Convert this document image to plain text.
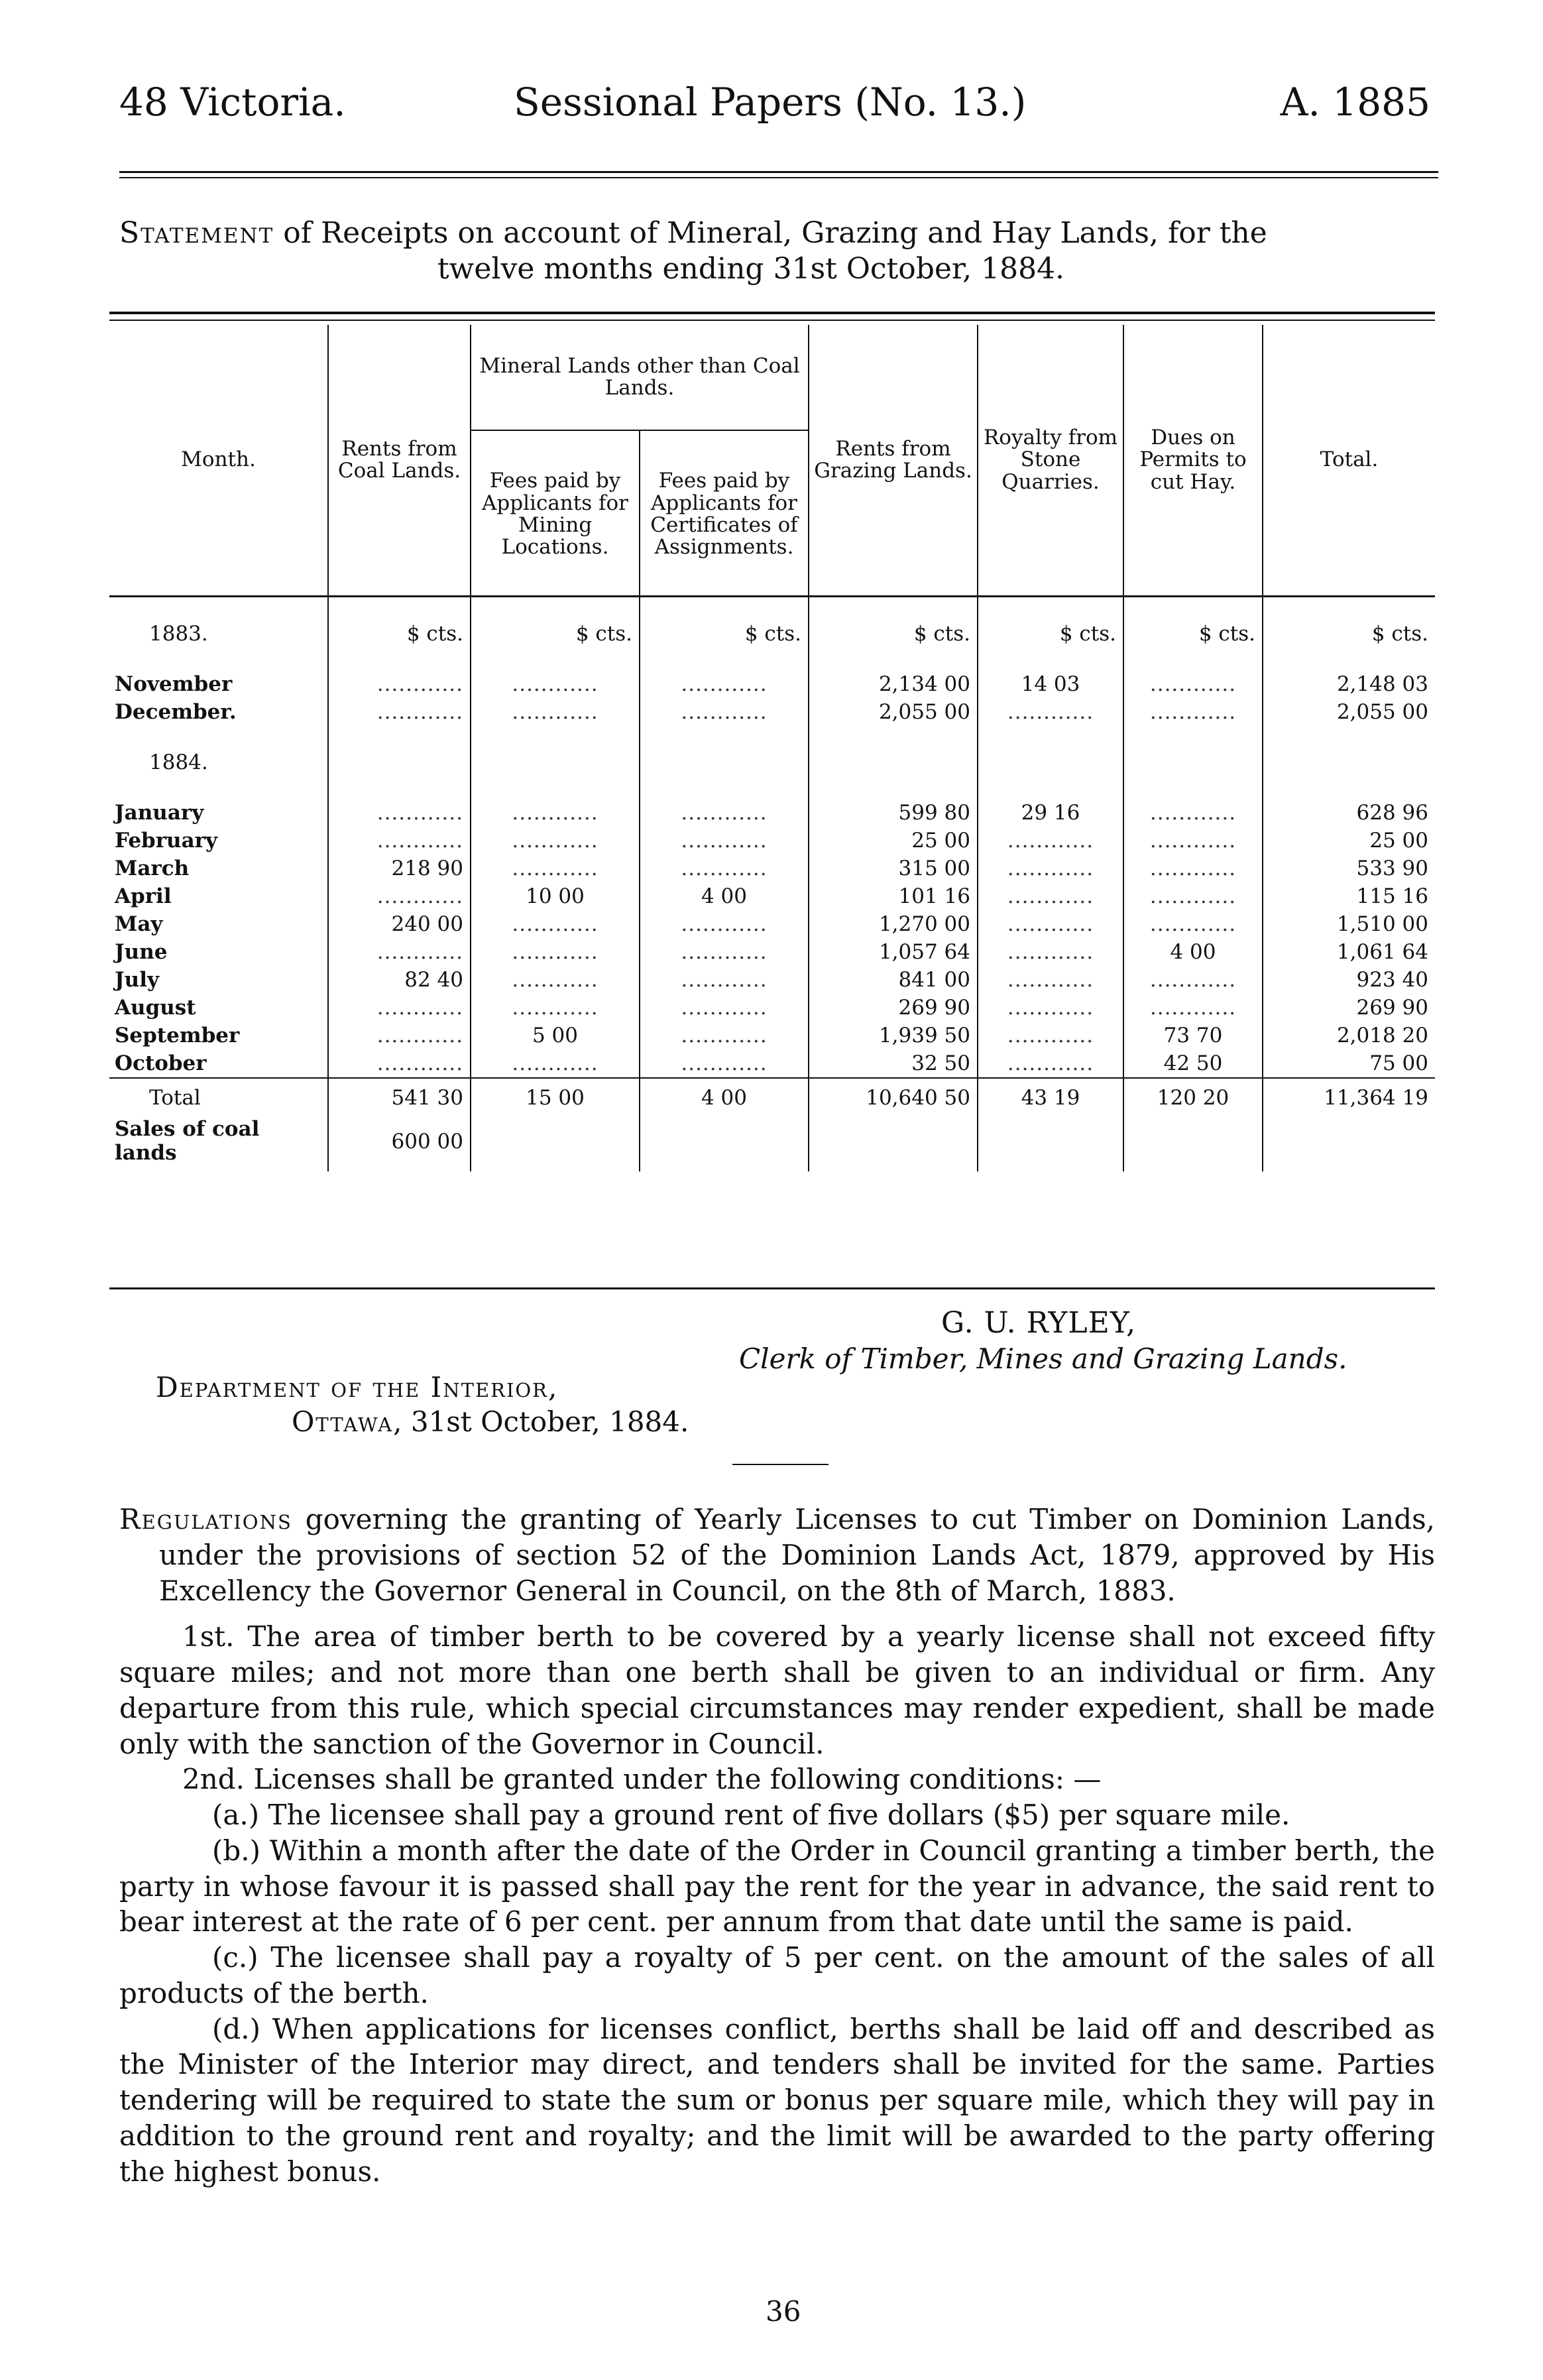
48 Victoria.	Sessional Papers (No. 13.)	A. 1885
Statement of Receipts on account of Mineral, Grazing and Hay Lands, for the
twelve months ending 31st October, 1884.
Month.	Rents from Coal Lands.	Mineral Lands other than Coal Lands.		Rents from Grazing Lands.	Royalty from Stone Quarries.	Dues on Permits to cut Hay.	Total.
		Fees paid by Applicants for Mining Locations.	Fees paid by Applicants for Certificates of Assignments.				
1883.	$ cts.	$ cts.	$ cts.	$ cts.	$ cts.	$ cts.	$ cts.
November	............	............	............	2,134 00	14 03	............	2,148 03
December.	............	............	............	2,055 00	............	............	2,055 00
1884.							
January	............	............	............	599 80	29 16	............	628 96
February	............	............	............	25 00	............	............	25 00
March	218 90	............	............	315 00	............	............	533 90
April	............	10 00	4 00	101 16	............	............	115 16
May	240 00	............	............	1,270 00	............	............	1,510 00
June	............	............	............	1,057 64	............	4 00	1,061 64
July	82 40	............	............	841 00	............	............	923 40
August	............	............	............	269 90	............	............	269 90
September	............	5 00	............	1,939 50	............	73 70	2,018 20
October	............	............	............	32 50	............	42 50	75 00
Total	541 30	15 00	4 00	10,640 50	43 19	120 20	11,364 19
Sales of coal lands	600 00						
G. U. RYLEY,
Clerk of Timber, Mines and Grazing Lands.
Department of the Interior,
Ottawa, 31st October, 1884.

Regulations governing the granting of Yearly Licenses to cut Timber on Dominion Lands, under the provisions of section 52 of the Dominion Lands Act, 1879, approved by His Excellency the Governor General in Council, on the 8th of March, 1883.

1st. The area of timber berth to be covered by a yearly license shall not exceed fifty square miles; and not more than one berth shall be given to an individual or firm. Any departure from this rule, which special circumstances may render expedient, shall be made only with the sanction of the Governor in Council.

2nd. Licenses shall be granted under the following conditions: —

(a.) The licensee shall pay a ground rent of five dollars ($5) per square mile.

(b.) Within a month after the date of the Order in Council granting a timber berth, the party in whose favour it is passed shall pay the rent for the year in advance, the said rent to bear interest at the rate of 6 per cent. per annum from that date until the same is paid.

(c.) The licensee shall pay a royalty of 5 per cent. on the amount of the sales of all products of the berth.

(d.) When applications for licenses conflict, berths shall be laid off and described as the Minister of the Interior may direct, and tenders shall be invited for the same. Parties tendering will be required to state the sum or bonus per square mile, which they will pay in addition to the ground rent and royalty; and the limit will be awarded to the party offering the highest bonus.

36
